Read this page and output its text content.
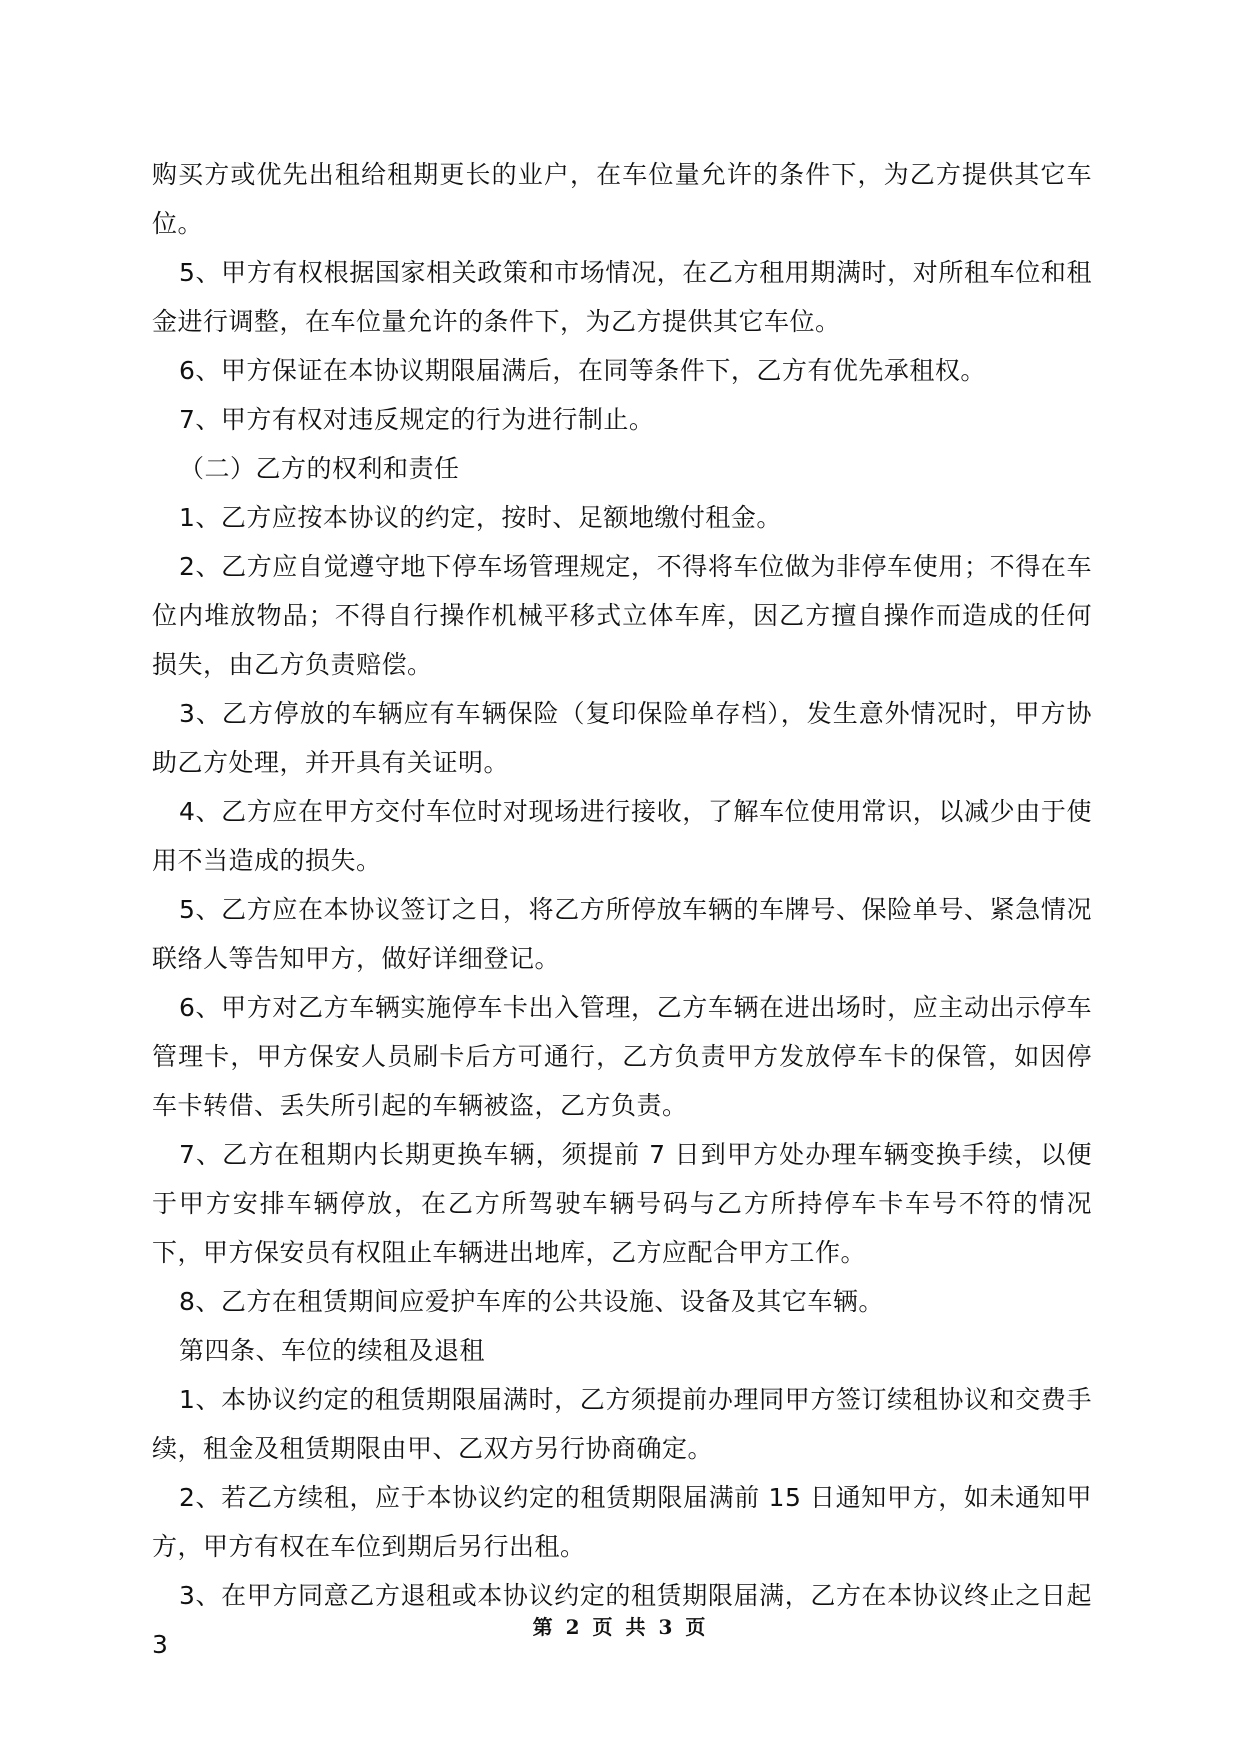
购买方或优先出租给租期更长的业户，在车位量允许的条件下，为乙方提供其它车位。

5、甲方有权根据国家相关政策和市场情况，在乙方租用期满时，对所租车位和租金进行调整，在车位量允许的条件下，为乙方提供其它车位。

6、甲方保证在本协议期限届满后，在同等条件下，乙方有优先承租权。

7、甲方有权对违反规定的行为进行制止。

（二）乙方的权利和责任

1、乙方应按本协议的约定，按时、足额地缴付租金。

2、乙方应自觉遵守地下停车场管理规定，不得将车位做为非停车使用；不得在车位内堆放物品；不得自行操作机械平移式立体车库，因乙方擅自操作而造成的任何损失，由乙方负责赔偿。

3、乙方停放的车辆应有车辆保险（复印保险单存档），发生意外情况时，甲方协助乙方处理，并开具有关证明。

4、乙方应在甲方交付车位时对现场进行接收，了解车位使用常识，以减少由于使用不当造成的损失。

5、乙方应在本协议签订之日，将乙方所停放车辆的车牌号、保险单号、紧急情况联络人等告知甲方，做好详细登记。

6、甲方对乙方车辆实施停车卡出入管理，乙方车辆在进出场时，应主动出示停车管理卡，甲方保安人员刷卡后方可通行，乙方负责甲方发放停车卡的保管，如因停车卡转借、丢失所引起的车辆被盗，乙方负责。

7、乙方在租期内长期更换车辆，须提前 7 日到甲方处办理车辆变换手续，以便于甲方安排车辆停放，在乙方所驾驶车辆号码与乙方所持停车卡车号不符的情况下，甲方保安员有权阻止车辆进出地库，乙方应配合甲方工作。

8、乙方在租赁期间应爱护车库的公共设施、设备及其它车辆。

第四条、车位的续租及退租

1、本协议约定的租赁期限届满时，乙方须提前办理同甲方签订续租协议和交费手续，租金及租赁期限由甲、乙双方另行协商确定。

2、若乙方续租，应于本协议约定的租赁期限届满前 15 日通知甲方，如未通知甲方，甲方有权在车位到期后另行出租。

3、在甲方同意乙方退租或本协议约定的租赁期限届满，乙方在本协议终止之日起 3

第 2 页 共 3 页
